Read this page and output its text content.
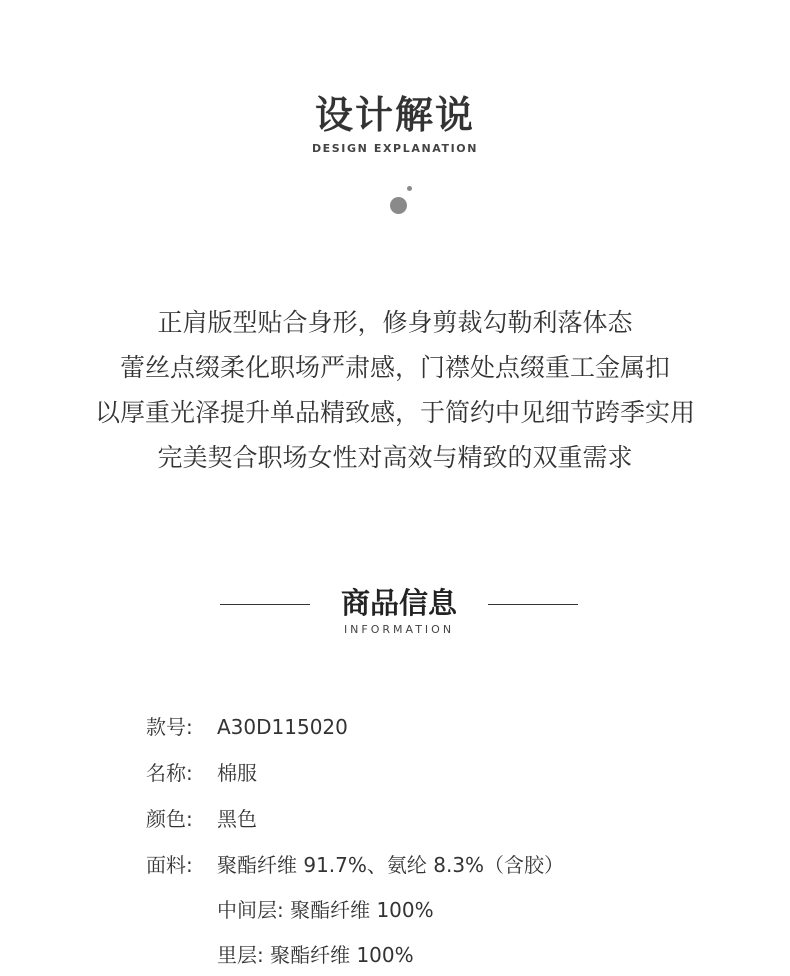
设计解说
DESIGN EXPLANATION
正肩版型贴合身形，修身剪裁勾勒利落体态
蕾丝点缀柔化职场严肃感，门襟处点缀重工金属扣
以厚重光泽提升单品精致感，于简约中见细节跨季实用
完美契合职场女性对高效与精致的双重需求
商品信息
INFORMATION
款号: A30D115020
名称: 棉服
颜色: 黑色
面料: 聚酯纤维 91.7%、氨纶 8.3%（含胶）
中间层: 聚酯纤维 100%
里层: 聚酯纤维 100%
